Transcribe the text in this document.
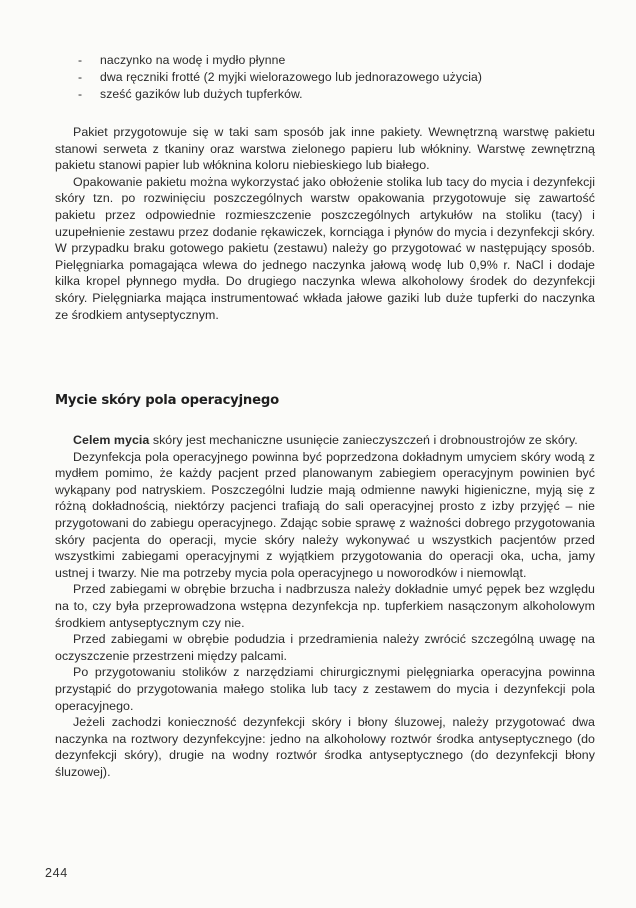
- naczynko na wodę i mydło płynne
- dwa ręczniki frotté (2 myjki wielorazowego lub jednorazowego użycia)
- sześć gazików lub dużych tupferków.

Pakiet przygotowuje się w taki sam sposób jak inne pakiety. Wewnętrzną warstwę pakietu stanowi serweta z tkaniny oraz warstwa zielonego papieru lub włókniny. Warstwę zewnętrzną pakietu stanowi papier lub włóknina koloru niebieskiego lub białego.

Opakowanie pakietu można wykorzystać jako obłożenie stolika lub tacy do mycia i dezynfekcji skóry tzn. po rozwinięciu poszczególnych warstw opakowania przygotowuje się zawartość pakietu przez odpowiednie rozmieszczenie poszczególnych artykułów na stoliku (tacy) i uzupełnienie zestawu przez dodanie rękawiczek, kornciąga i płynów do mycia i dezynfekcji skóry. W przypadku braku gotowego pakietu (zestawu) należy go przygotować w następujący sposób. Pielęgniarka pomagająca wlewa do jednego naczynka jałową wodę lub 0,9% r. NaCl i dodaje kilka kropel płynnego mydła. Do drugiego naczynka wlewa alkoholowy środek do dezynfekcji skóry. Pielęgniarka mająca instrumentować wkłada jałowe gaziki lub duże tupferki do naczynka ze środkiem antyseptycznym.

Mycie skóry pola operacyjnego

Celem mycia skóry jest mechaniczne usunięcie zanieczyszczeń i drobnoustrojów ze skóry.

Dezynfekcja pola operacyjnego powinna być poprzedzona dokładnym umyciem skóry wodą z mydłem pomimo, że każdy pacjent przed planowanym zabiegiem operacyjnym powinien być wykąpany pod natryskiem. Poszczególni ludzie mają odmienne nawyki higieniczne, myją się z różną dokładnością, niektórzy pacjenci trafiają do sali operacyjnej prosto z izby przyjęć – nie przygotowani do zabiegu operacyjnego. Zdając sobie sprawę z ważności dobrego przygotowania skóry pacjenta do operacji, mycie skóry należy wykonywać u wszystkich pacjentów przed wszystkimi zabiegami operacyjnymi z wyjątkiem przygotowania do operacji oka, ucha, jamy ustnej i twarzy. Nie ma potrzeby mycia pola operacyjnego u noworodków i niemowląt.

Przed zabiegami w obrębie brzucha i nadbrzusza należy dokładnie umyć pępek bez względu na to, czy była przeprowadzona wstępna dezynfekcja np. tupferkiem nasączonym alkoholowym środkiem antyseptycznym czy nie.

Przed zabiegami w obrębie podudzia i przedramienia należy zwrócić szczególną uwagę na oczyszczenie przestrzeni między palcami.

Po przygotowaniu stolików z narzędziami chirurgicznymi pielęgniarka operacyjna powinna przystąpić do przygotowania małego stolika lub tacy z zestawem do mycia i dezynfekcji pola operacyjnego.

Jeżeli zachodzi konieczność dezynfekcji skóry i błony śluzowej, należy przygotować dwa naczynka na roztwory dezynfekcyjne: jedno na alkoholowy roztwór środka antyseptycznego (do dezynfekcji skóry), drugie na wodny roztwór środka antyseptycznego (do dezynfekcji błony śluzowej).

244
